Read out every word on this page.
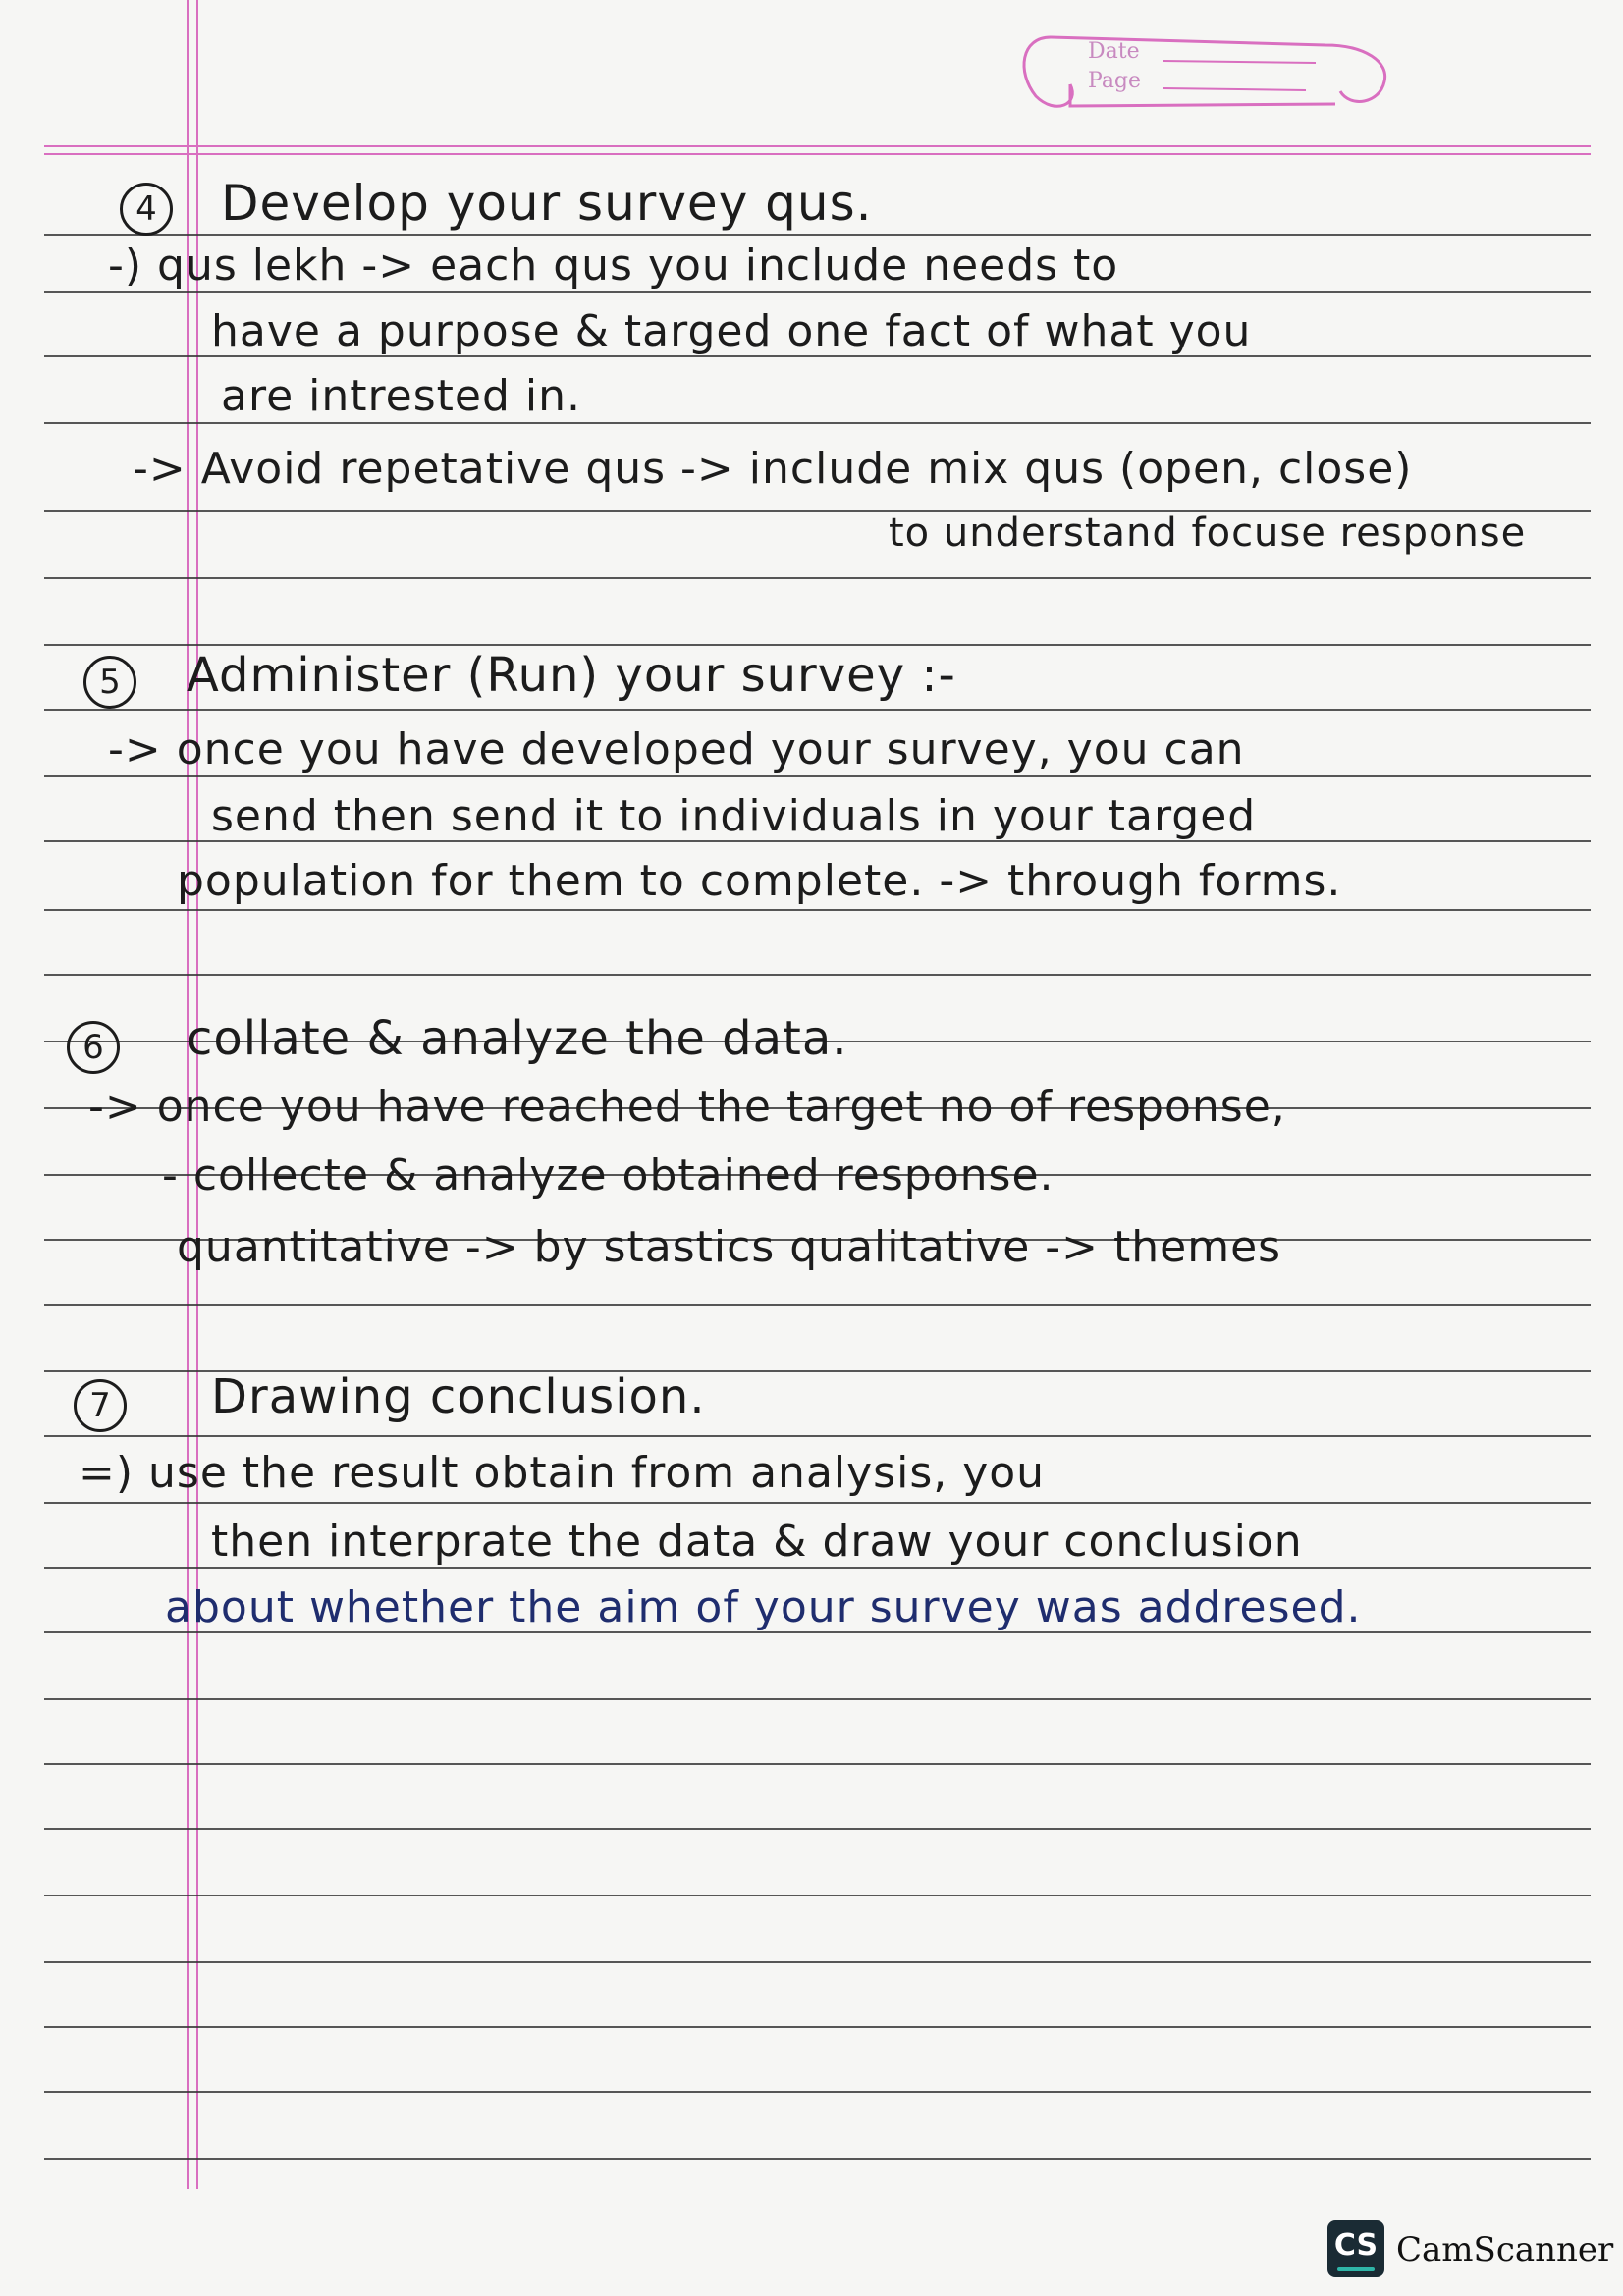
Date
Page
4	Develop your survey qus.
-) qus lekh -> each qus you include needs to
have a purpose & targed one fact of what you
are intrested in.
-> Avoid repetative qus -> include mix qus (open, close)
to understand focuse response
5	Administer (Run) your survey :-
-> once you have developed your survey, you can
send then send it to individuals in your targed
population for them to complete. -> through forms.
6	collate & analyze the data.
-> once you have reached the target no of response,
- collecte & analyze obtained response.
quantitative -> by stastics qualitative -> themes
7	Drawing conclusion.
=) use the result obtain from analysis, you
then interprate the data & draw your conclusion
about whether the aim of your survey was addresed.
CS CamScanner
